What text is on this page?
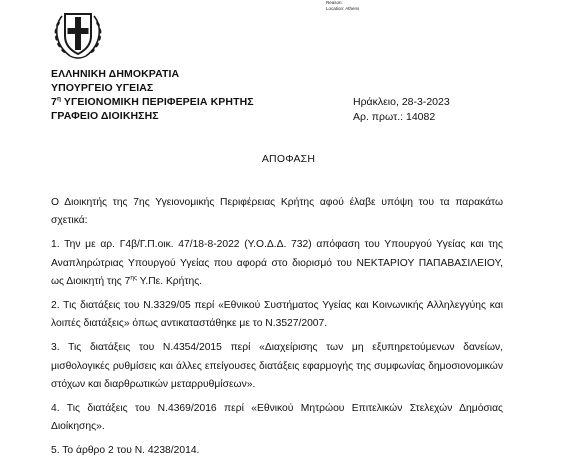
Reason:
Location: Athens
ΕΛΛΗΝΙΚΗ ΔΗΜΟΚΡΑΤΙΑ
ΥΠΟΥΡΓΕΙΟ ΥΓΕΙΑΣ
$7^\eta$ ΥΓΕΙΟΝΟΜΙΚΗ ΠΕΡΙΦΕΡΕΙΑ ΚΡΗΤΗΣ
ΓΡΑΦΕΙΟ ΔΙΟΙΚΗΣΗΣ
Ηράκλειο, 28-3-2023
Αρ. πρωτ.: 14082
ΑΠΟΦΑΣΗ

Ο Διοικητής της 7ης Υγειονομικής Περιφέρειας Κρήτης αφού έλαβε υπόψη του τα παρακάτω σχετικά:

1. Την με αρ. Γ4β/Γ.Π.οικ. 47/18-8-2022 (Υ.Ο.Δ.Δ. 732) απόφαση του Υπουργού Υγείας και της Αναπληρώτριας Υπουργού Υγείας που αφορά στο διορισμό του ΝΕΚΤΑΡΙΟΥ ΠΑΠΑΒΑΣΙΛΕΙΟΥ, ως Διοικητή της $7^{\eta\varsigma}$ Υ.Πε. Κρήτης.

2. Τις διατάξεις του Ν.3329/05 περί «Εθνικού Συστήματος Υγείας και Κοινωνικής Αλληλεγγύης και λοιπές διατάξεις» όπως αντικαταστάθηκε με το Ν.3527/2007.

3. Τις διατάξεις του Ν.4354/2015 περί «Διαχείρισης των μη εξυπηρετούμενων δανείων, μισθολογικές ρυθμίσεις και άλλες επείγουσες διατάξεις εφαρμογής της συμφωνίας δημοσιονομικών στόχων και διαρθρωτικών μεταρρυθμίσεων».

4. Τις διατάξεις του Ν.4369/2016 περί «Εθνικού Μητρώου Επιτελικών Στελεχών Δημόσιας Διοίκησης».

5. Το άρθρο 2 του Ν. 4238/2014.
